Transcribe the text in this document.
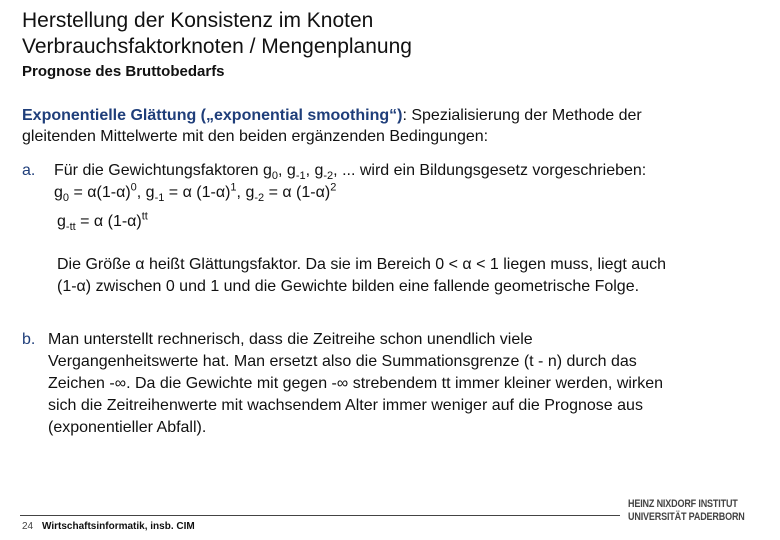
Herstellung der Konsistenz im Knoten
Verbrauchsfaktorknoten / Mengenplanung
Prognose des Bruttobedarfs
Exponentielle Glättung („exponential smoothing“): Spezialisierung der Methode der
gleitenden Mittelwerte mit den beiden ergänzenden Bedingungen:
a. Für die Gewichtungsfaktoren $g_0$, $g_{-1}$, $g_{-2}$, ... wird ein Bildungsgesetz vorgeschrieben:
$g_0 = \alpha(1-\alpha)^0$, $g_{-1} = \alpha$ $(1-\alpha)^1$, $g_{-2} = \alpha$ $(1-\alpha)^2$
$g_{-tt} = \alpha$ $(1-\alpha)^{tt}$
Die Größe α heißt Glättungsfaktor. Da sie im Bereich 0 < α < 1 liegen muss, liegt auch
(1-α) zwischen 0 und 1 und die Gewichte bilden eine fallende geometrische Folge.
b. Man unterstellt rechnerisch, dass die Zeitreihe schon unendlich viele
Vergangenheitswerte hat. Man ersetzt also die Summationsgrenze (t - n) durch das
Zeichen -∞. Da die Gewichte mit gegen -∞ strebendem tt immer kleiner werden, wirken
sich die Zeitreihenwerte mit wachsendem Alter immer weniger auf die Prognose aus
(exponentieller Abfall).
24 Wirtschaftsinformatik, insb. CIM
HEINZ NIXDORF INSTITUT
UNIVERSITÄT PADERBORN
